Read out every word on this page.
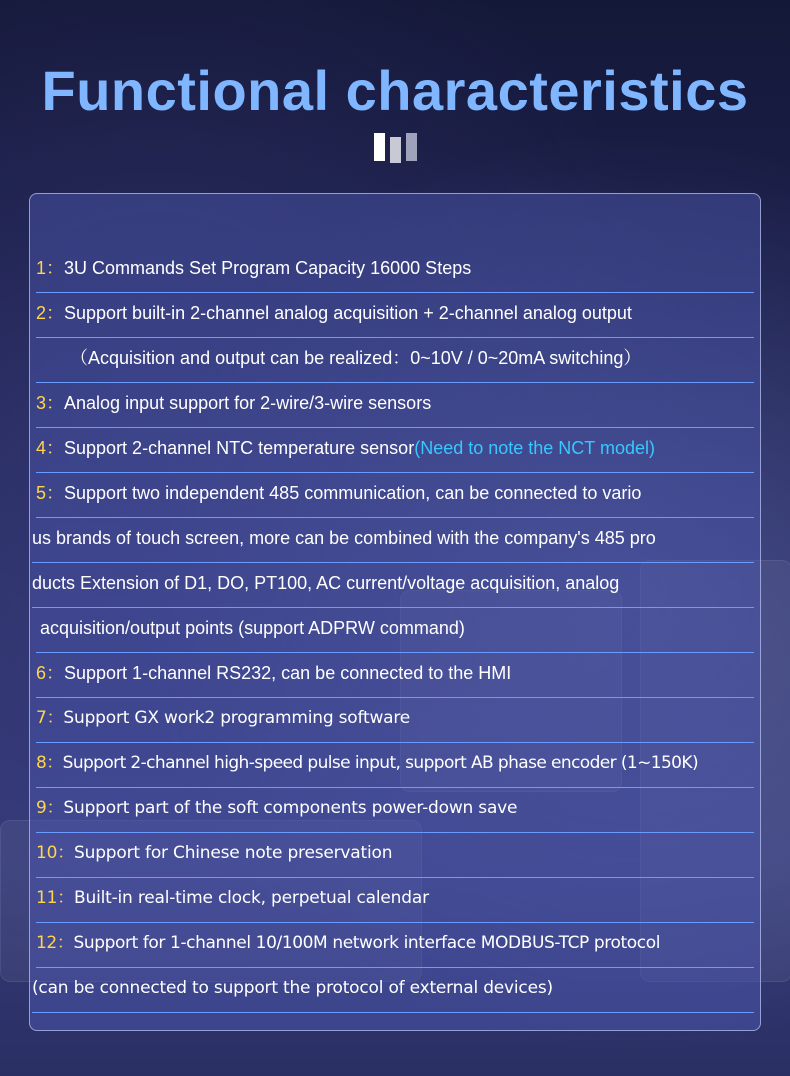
Functional characteristics
1：3U Commands Set Program Capacity 16000 Steps
2：Support built-in 2-channel analog acquisition + 2-channel analog output
（Acquisition and output can be realized：0~10V / 0~20mA switching）
3：Analog input support for 2-wire/3-wire sensors
4：Support 2-channel NTC temperature sensor(Need to note the NCT model)
5：Support two independent 485 communication, can be connected to vario
us brands of touch screen, more can be combined with the company's 485 pro
ducts Extension of D1, DO, PT100, AC current/voltage acquisition, analog
acquisition/output points (support ADPRW command)
6：Support 1-channel RS232, can be connected to the HMI
7：Support GX work2 programming software
8：Support 2-channel high-speed pulse input, support AB phase encoder (1~150K)
9：Support part of the soft components power-down save
10：Support for Chinese note preservation
11：Built-in real-time clock, perpetual calendar
12：Support for 1-channel 10/100M network interface MODBUS-TCP protocol
(can be connected to support the protocol of external devices)
